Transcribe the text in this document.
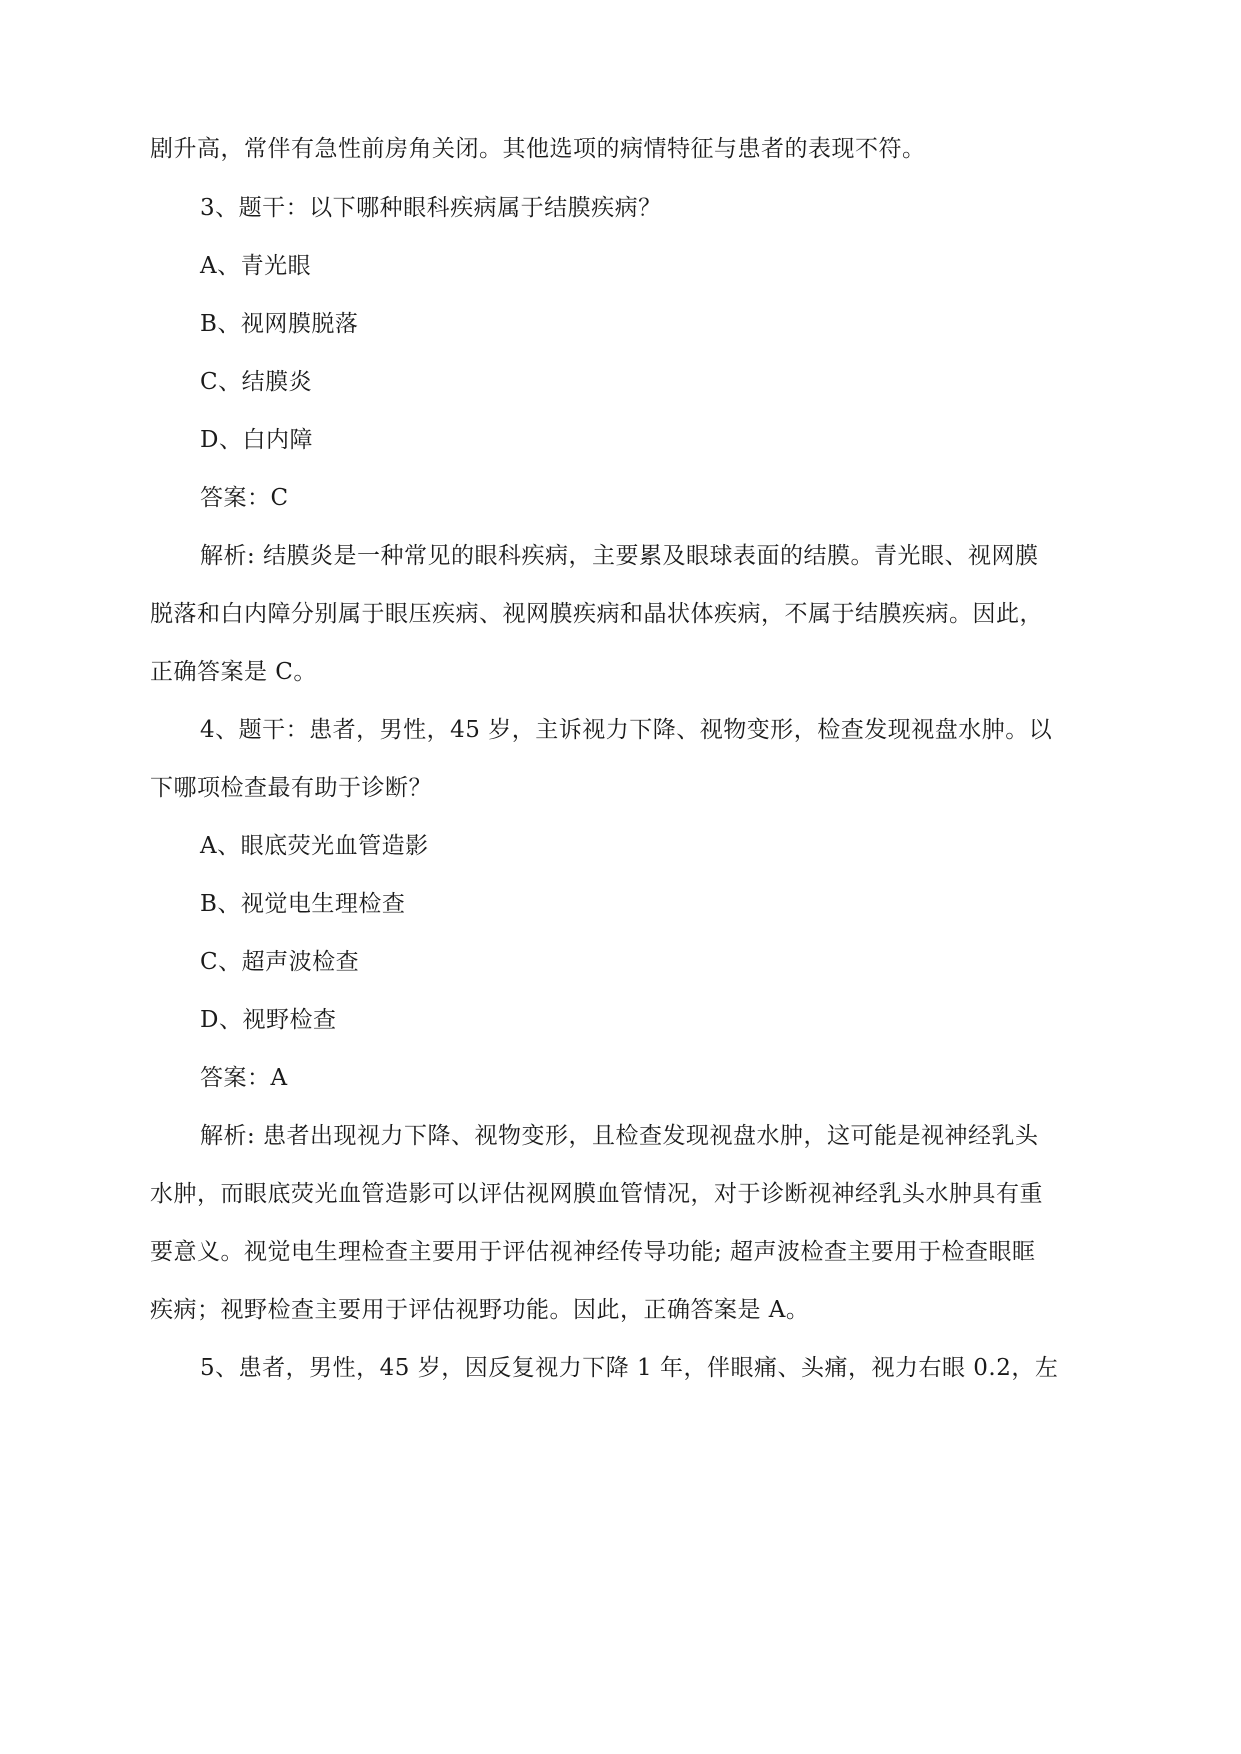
剧升高，常伴有急性前房角关闭。其他选项的病情特征与患者的表现不符。
3、题干：以下哪种眼科疾病属于结膜疾病？
A、青光眼
B、视网膜脱落
C、结膜炎
D、白内障
答案：C
解析: 结膜炎是一种常见的眼科疾病，主要累及眼球表面的结膜。青光眼、视网膜
脱落和白内障分别属于眼压疾病、视网膜疾病和晶状体疾病，不属于结膜疾病。因此，
正确答案是 C。
4、题干：患者，男性，45 岁，主诉视力下降、视物变形，检查发现视盘水肿。以
下哪项检查最有助于诊断？
A、眼底荧光血管造影
B、视觉电生理检查
C、超声波检查
D、视野检查
答案：A
解析: 患者出现视力下降、视物变形，且检查发现视盘水肿，这可能是视神经乳头
水肿，而眼底荧光血管造影可以评估视网膜血管情况，对于诊断视神经乳头水肿具有重
要意义。视觉电生理检查主要用于评估视神经传导功能; 超声波检查主要用于检查眼眶
疾病；视野检查主要用于评估视野功能。因此，正确答案是 A。
5、患者，男性，45 岁，因反复视力下降 1 年，伴眼痛、头痛，视力右眼 0.2，左
